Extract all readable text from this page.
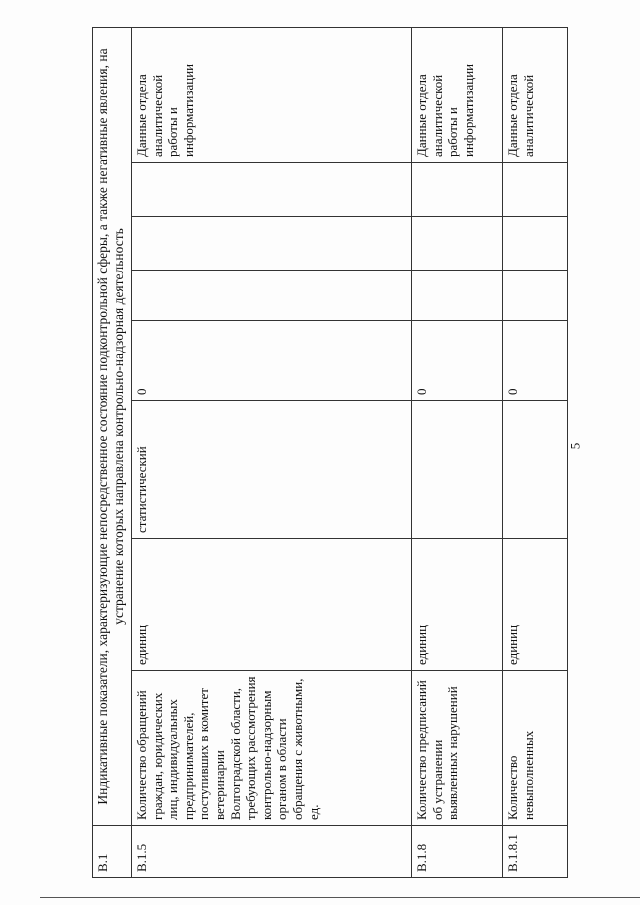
В.1	Индикативные показатели, характеризующие непосредственное состояние подконтрольной сферы, а также негативные явления, на устранение которых направлена контрольно-надзорная деятельность							
В.1.5	Количество обращений граждан, юридических лиц, индивидуальных предпринимателей, поступивших в комитет ветеринарии Волгоградской области, требующих рассмотрения контрольно-надзорным органом в области обращения с животными, ед.	единиц	статистический	0				Данные отдела аналитической работы и информатизации
В.1.8	Количество предписаний об устранении выявленных нарушений	единиц		0				Данные отдела аналитической работы и информатизации
В.1.8.1	Количество невыполненных	единиц		0				Данные отдела аналитической
5
